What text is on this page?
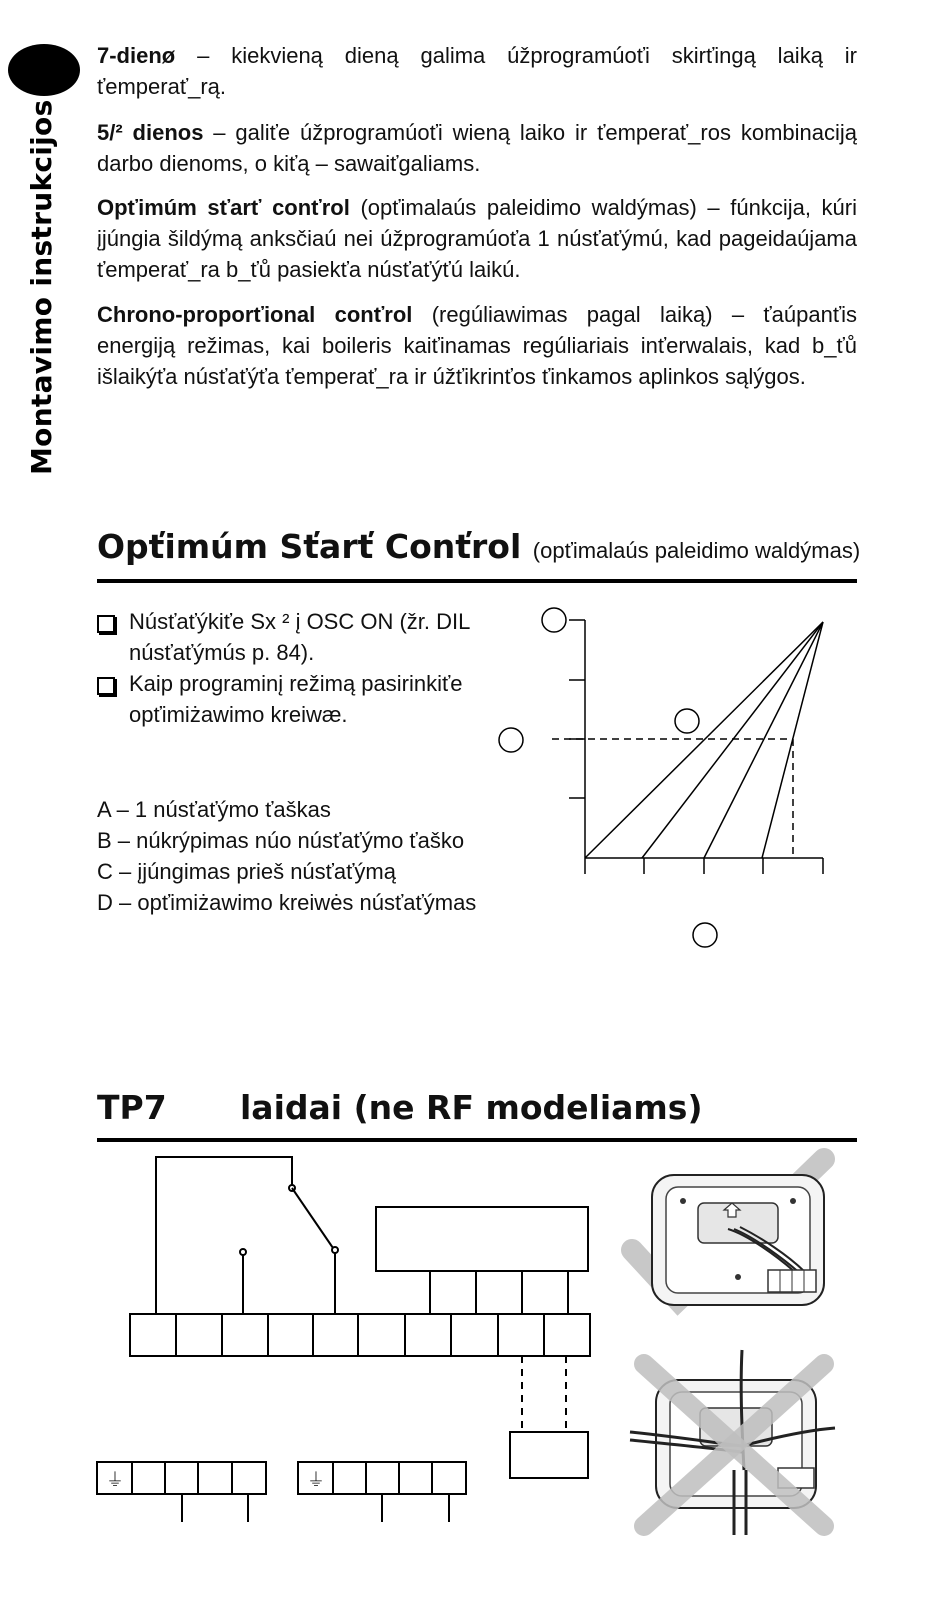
Montavimo instrukcijos

7-dienø – kiekvieną dieną galima úžprogramúoťi skirťingą laiką ir ťemperať_rą.

5/² dienos – galiťe úžprogramúoťi wieną laiko ir ťemperať_ros kombinaciją darbo dienoms, o kiťą – sawaiťgaliams.

Opťimúm sťarť conťrol (opťimalaús paleidimo waldýmas) – fúnkcija, kúri įjúngia šildýmą anksčiaú nei úžprogramúoťa 1 núsťaťýmú, kad pageidaújama ťemperať_ra b_ťů pasiekťa núsťaťýťú laikú.

Chrono-proporťional conťrol (regúliawimas pagal laiką) – ťaúpanťis energiją režimas, kai boileris kaiťinamas regúliariais inťerwalais, kad b_ťů išlaikýťa núsťaťýťa ťemperať_ra ir úžťikrinťos ťinkamos aplinkos sąlýgos.

Opťimúm Sťarť Conťrol (opťimalaús paleidimo waldýmas)
Núsťaťýkiťe Sx ² į OSC ON (žr. DIL núsťaťýmús p. 84).
Kaip programinį režimą pasirinkiťe opťimiżawimo kreiwæ.
A – 1 núsťaťýmo ťaškas
B – núkrýpimas núo núsťaťýmo ťaško
C – įjúngimas prieš núsťaťýmą
D – opťimiżawimo kreiwės núsťaťýmas
TP7 laidai (ne RF modeliams)
⏚	⏚
